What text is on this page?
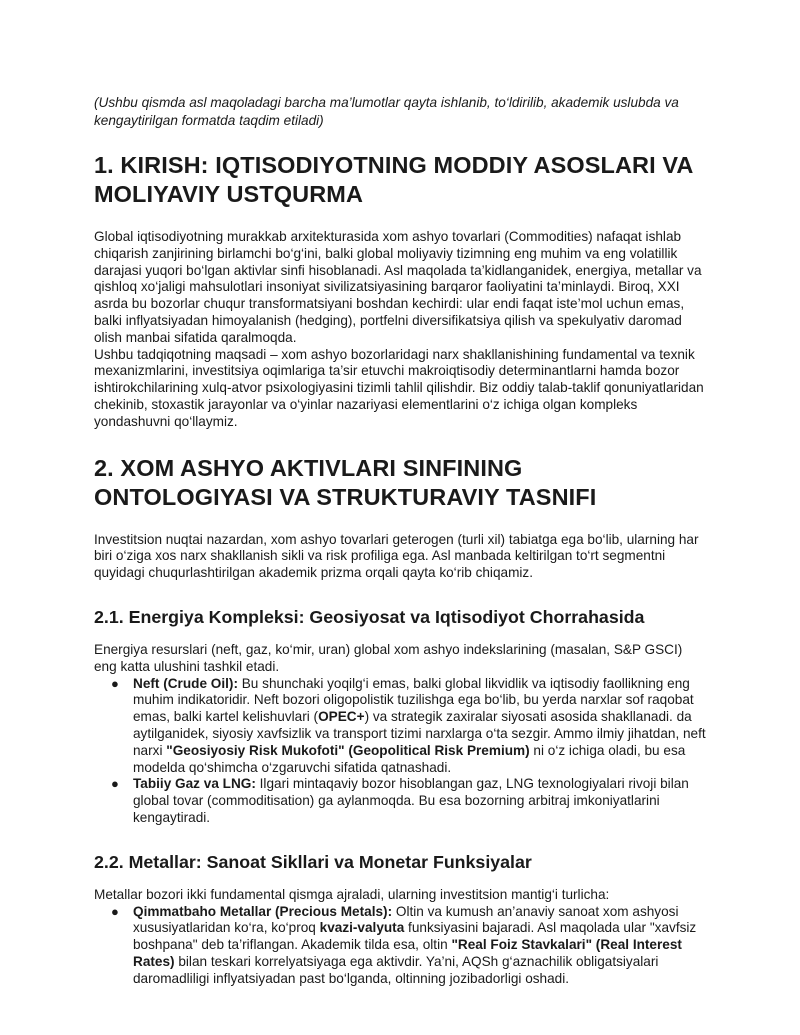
(Ushbu qismda asl maqoladagi barcha ma’lumotlar qayta ishlanib, to‘ldirilib, akademik uslubda va kengaytirilgan formatda taqdim etiladi)

1. KIRISH: IQTISODIYOTNING MODDIY ASOSLARI VA MOLIYAVIY USTQURMA

Global iqtisodiyotning murakkab arxitekturasida xom ashyo tovarlari (Commodities) nafaqat ishlab chiqarish zanjirining birlamchi bo‘g‘ini, balki global moliyaviy tizimning eng muhim va eng volatillik darajasi yuqori bo‘lgan aktivlar sinfi hisoblanadi. Asl maqolada ta’kidlanganidek, energiya, metallar va qishloq xo‘jaligi mahsulotlari insoniyat sivilizatsiyasining barqaror faoliyatini ta’minlaydi. Biroq, XXI asrda bu bozorlar chuqur transformatsiyani boshdan kechirdi: ular endi faqat iste’mol uchun emas, balki inflyatsiyadan himoyalanish (hedging), portfelni diversifikatsiya qilish va spekulyativ daromad olish manbai sifatida qaralmoqda.

Ushbu tadqiqotning maqsadi – xom ashyo bozorlaridagi narx shakllanishining fundamental va texnik mexanizmlarini, investitsiya oqimlariga ta’sir etuvchi makroiqtisodiy determinantlarni hamda bozor ishtirokchilarining xulq-atvor psixologiyasini tizimli tahlil qilishdir. Biz oddiy talab-taklif qonuniyatlaridan chekinib, stoxastik jarayonlar va o‘yinlar nazariyasi elementlarini o‘z ichiga olgan kompleks yondashuvni qo‘llaymiz.

2. XOM ASHYO AKTIVLARI SINFINING ONTOLOGIYASI VA STRUKTURAVIY TASNIFI

Investitsion nuqtai nazardan, xom ashyo tovarlari geterogen (turli xil) tabiatga ega bo‘lib, ularning har biri o‘ziga xos narx shakllanish sikli va risk profiligа ega. Asl manbada keltirilgan to‘rt segmentni quyidagi chuqurlashtirilgan akademik prizma orqali qayta ko‘rib chiqamiz.

2.1. Energiya Kompleksi: Geosiyosat va Iqtisodiyot Chorrahasida

Energiya resurslari (neft, gaz, ko‘mir, uran) global xom ashyo indekslarining (masalan, S&P GSCI) eng katta ulushini tashkil etadi.

● Neft (Crude Oil): Bu shunchaki yoqilg‘i emas, balki global likvidlik va iqtisodiy faollikning eng muhim indikatoridir. Neft bozori oligopolistik tuzilishga ega bo‘lib, bu yerda narxlar sof raqobat emas, balki kartel kelishuvlari (OPEC+) va strategik zaxiralar siyosati asosida shakllanadi. da aytilganidek, siyosiy xavfsizlik va transport tizimi narxlarga o‘ta sezgir. Ammo ilmiy jihatdan, neft narxi "Geosiyosiy Risk Mukofoti" (Geopolitical Risk Premium) ni o‘z ichiga oladi, bu esa modelda qo‘shimcha o‘zgaruvchi sifatida qatnashadi.
● Tabiiy Gaz va LNG: Ilgari mintaqaviy bozor hisoblangan gaz, LNG texnologiyalari rivoji bilan global tovar (commoditisation) ga aylanmoqda. Bu esa bozorning arbitraj imkoniyatlarini kengaytiradi.
2.2. Metallar: Sanoat Sikllari va Monetar Funksiyalar

Metallar bozori ikki fundamental qismga ajraladi, ularning investitsion mantig‘i turlicha:

● Qimmatbaho Metallar (Precious Metals): Oltin va kumush an’anaviy sanoat xom ashyosi xususiyatlaridan ko‘ra, ko‘proq kvazi-valyuta funksiyasini bajaradi. Asl maqolada ular "xavfsiz boshpana" deb ta’riflangan. Akademik tilda esa, oltin "Real Foiz Stavkalari" (Real Interest Rates) bilan teskari korrelyatsiyaga ega aktivdir. Ya’ni, AQSh g‘aznachilik obligatsiyalari daromadliligi inflyatsiyadan past bo‘lganda, oltinning jozibadorligi oshadi.
